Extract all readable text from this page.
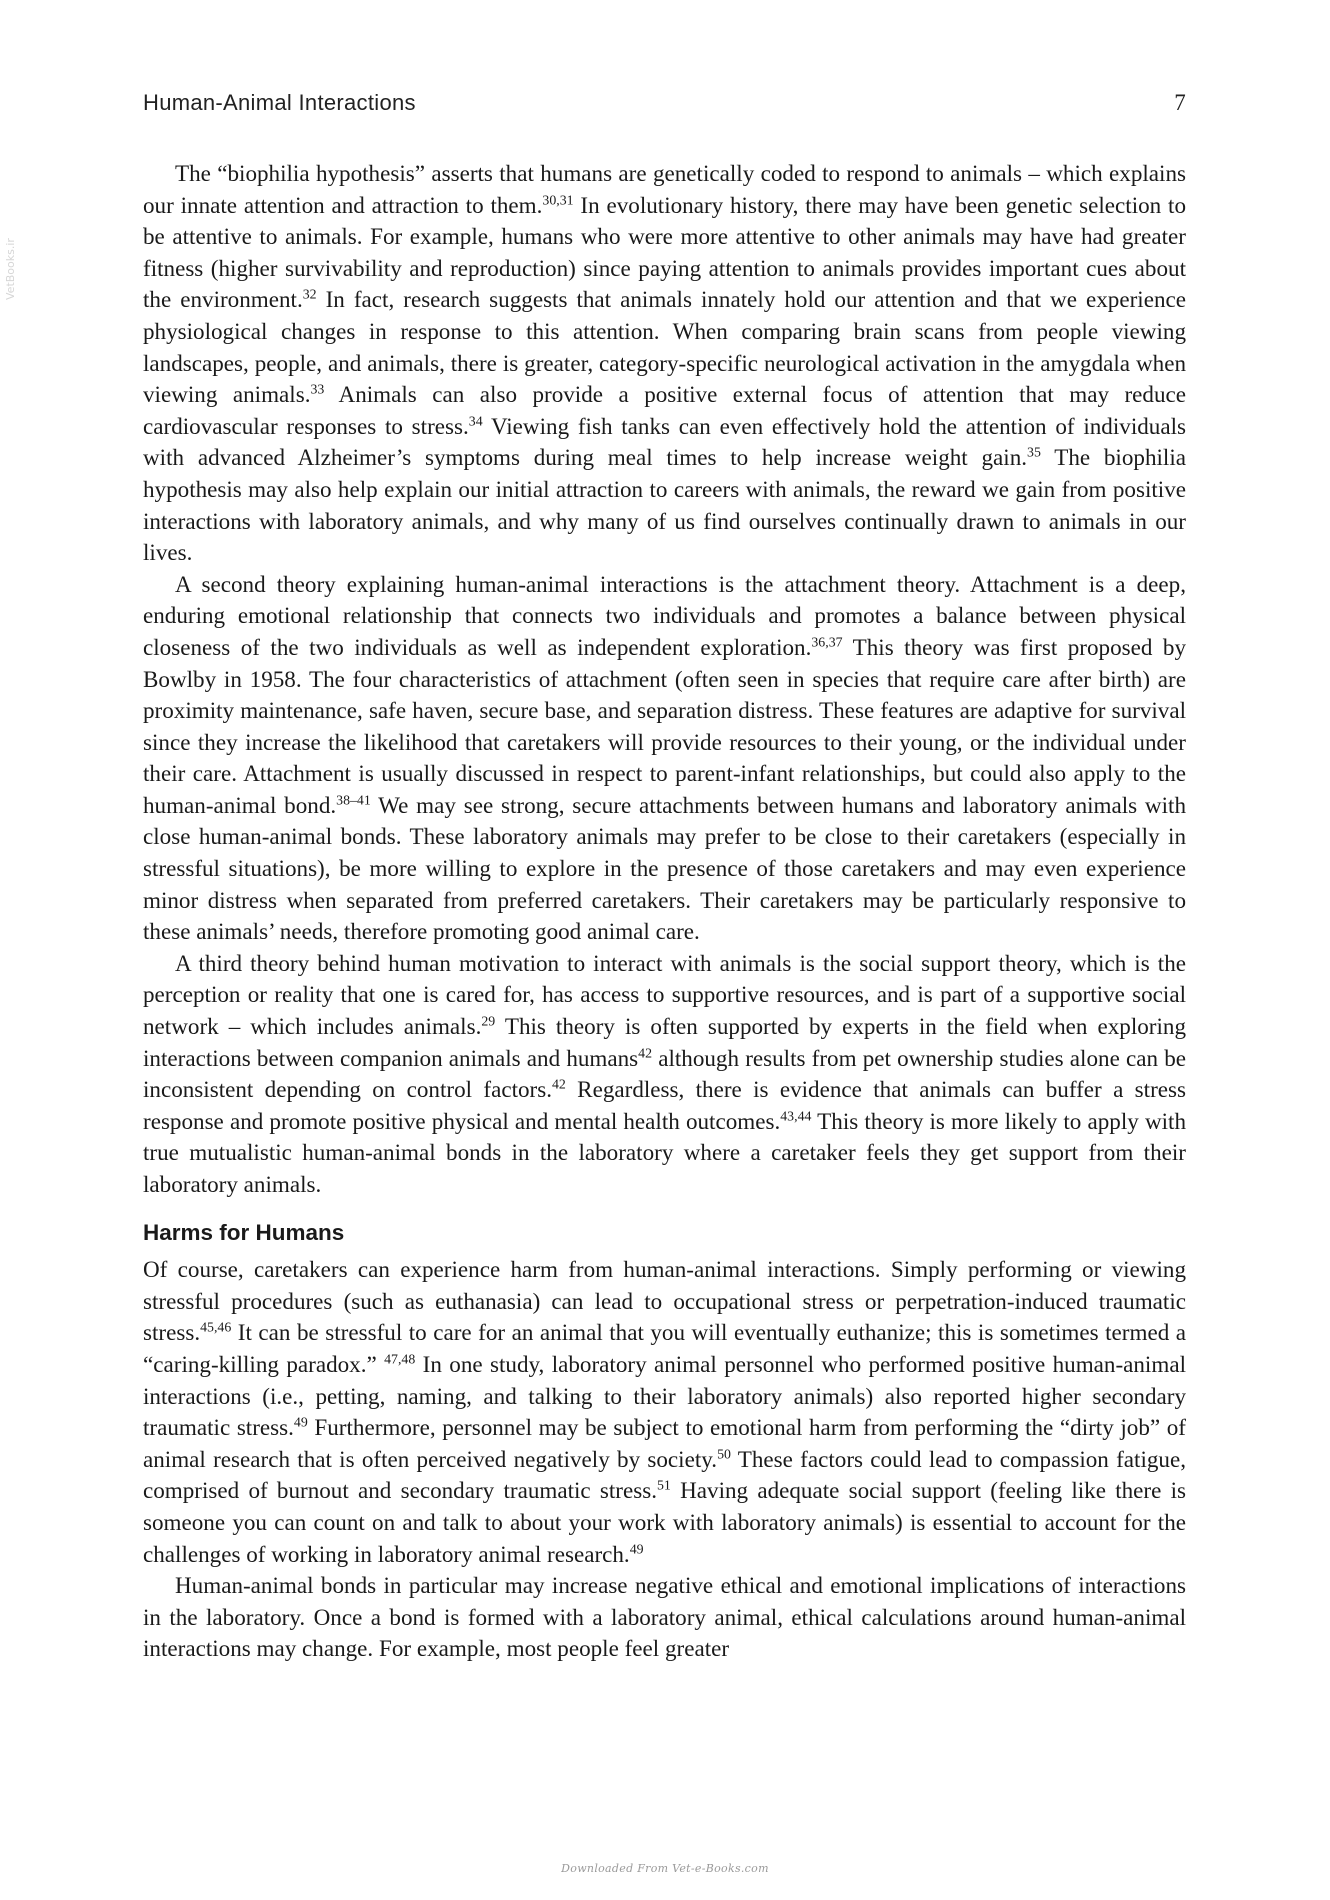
Human-Animal Interactions	7
VetBooks.ir

The “biophilia hypothesis” asserts that humans are genetically coded to respond to animals – which explains our innate attention and attraction to them.$^{30,31}$ In evolutionary history, there may have been genetic selection to be attentive to animals. For example, humans who were more attentive to other animals may have had greater fitness (higher survivability and reproduction) since paying attention to animals provides important cues about the environment.$^{32}$ In fact, research suggests that animals innately hold our attention and that we experience physiological changes in response to this attention. When comparing brain scans from people viewing landscapes, people, and animals, there is greater, category-specific neurological activation in the amygdala when viewing animals.$^{33}$ Animals can also provide a positive external focus of attention that may reduce cardiovascular responses to stress.$^{34}$ Viewing fish tanks can even effectively hold the attention of individuals with advanced Alzheimer’s symptoms during meal times to help increase weight gain.$^{35}$ The biophilia hypothesis may also help explain our initial attraction to careers with animals, the reward we gain from positive interactions with laboratory animals, and why many of us find ourselves continually drawn to animals in our lives.

A second theory explaining human-animal interactions is the attachment theory. Attachment is a deep, enduring emotional relationship that connects two individuals and promotes a balance between physical closeness of the two individuals as well as independent exploration.$^{36,37}$ This theory was first proposed by Bowlby in 1958. The four characteristics of attachment (often seen in species that require care after birth) are proximity maintenance, safe haven, secure base, and separation distress. These features are adaptive for survival since they increase the likelihood that caretakers will provide resources to their young, or the individual under their care. Attachment is usually discussed in respect to parent-infant relationships, but could also apply to the human-animal bond.$^{38-41}$ We may see strong, secure attachments between humans and laboratory animals with close human-animal bonds. These laboratory animals may prefer to be close to their caretakers (especially in stressful situations), be more willing to explore in the presence of those caretakers and may even experience minor distress when separated from preferred caretakers. Their caretakers may be particularly responsive to these animals’ needs, therefore promoting good animal care.

A third theory behind human motivation to interact with animals is the social support theory, which is the perception or reality that one is cared for, has access to supportive resources, and is part of a supportive social network – which includes animals.$^{29}$ This theory is often supported by experts in the field when exploring interactions between companion animals and humans$^{42}$ although results from pet ownership studies alone can be inconsistent depending on control factors.$^{42}$ Regardless, there is evidence that animals can buffer a stress response and promote positive physical and mental health outcomes.$^{43,44}$ This theory is more likely to apply with true mutualistic human-animal bonds in the laboratory where a caretaker feels they get support from their laboratory animals.

Harms for Humans

Of course, caretakers can experience harm from human-animal interactions. Simply performing or viewing stressful procedures (such as euthanasia) can lead to occupational stress or perpetration-induced traumatic stress.$^{45,46}$ It can be stressful to care for an animal that you will eventually euthanize; this is sometimes termed a “caring-killing paradox.” $^{47,48}$ In one study, laboratory animal personnel who performed positive human-animal interactions (i.e., petting, naming, and talking to their laboratory animals) also reported higher secondary traumatic stress.$^{49}$ Furthermore, personnel may be subject to emotional harm from performing the “dirty job” of animal research that is often perceived negatively by society.$^{50}$ These factors could lead to compassion fatigue, comprised of burnout and secondary traumatic stress.$^{51}$ Having adequate social support (feeling like there is someone you can count on and talk to about your work with laboratory animals) is essential to account for the challenges of working in laboratory animal research.$^{49}$

Human-animal bonds in particular may increase negative ethical and emotional implications of interactions in the laboratory. Once a bond is formed with a laboratory animal, ethical calculations around human-animal interactions may change. For example, most people feel greater

Downloaded From Vet-e-Books.com
